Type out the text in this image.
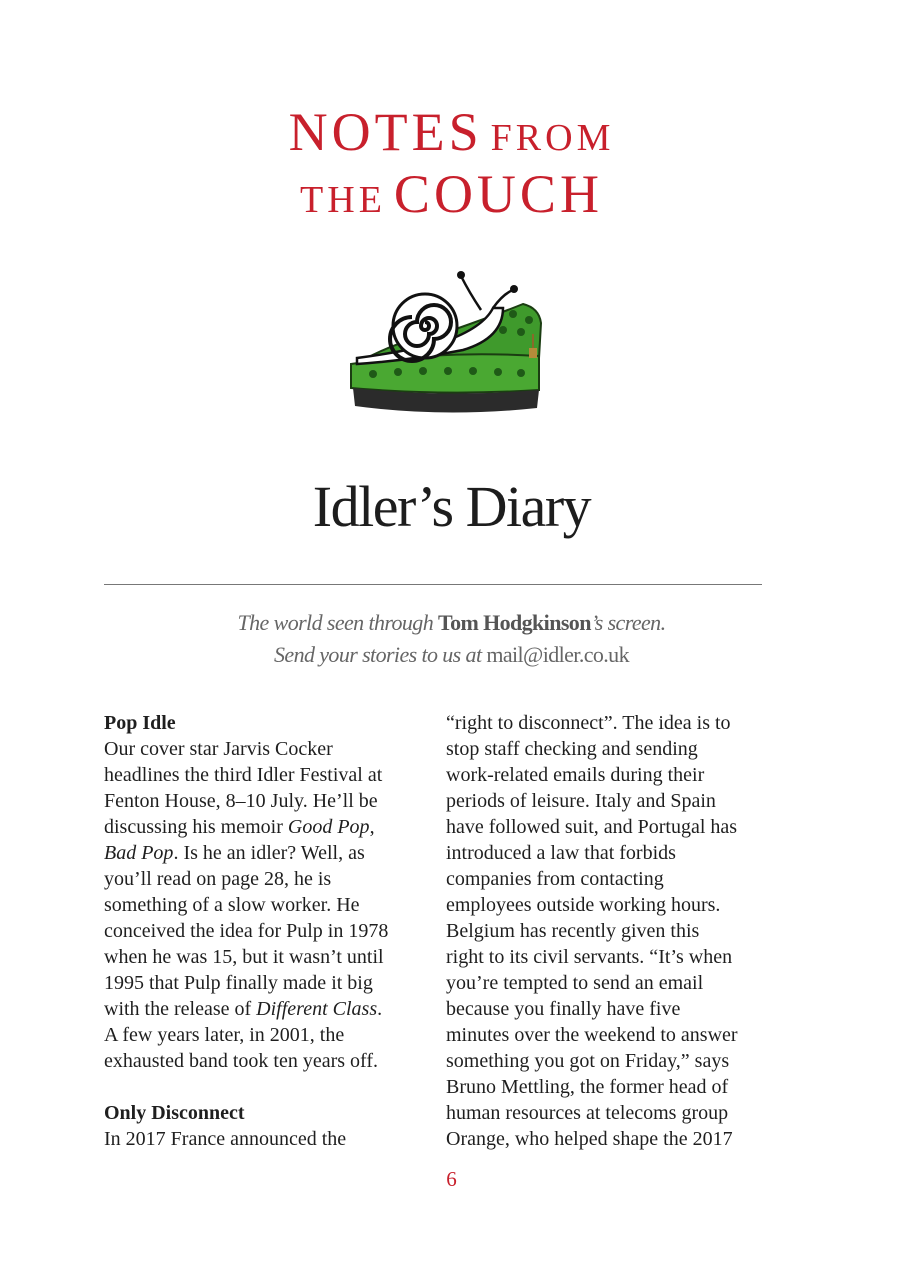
NOTES FROM
THE COUCH
Idler’s Diary
The world seen through Tom Hodgkinson’s screen.
Send your stories to us at mail@idler.co.uk
Pop Idle
Our cover star Jarvis Cocker
headlines the third Idler Festival at
Fenton House, 8–10 July. He’ll be
discussing his memoir Good Pop,
Bad Pop. Is he an idler? Well, as
you’ll read on page 28, he is
something of a slow worker. He
conceived the idea for Pulp in 1978
when he was 15, but it wasn’t until
1995 that Pulp finally made it big
with the release of Different Class.
A few years later, in 2001, the
exhausted band took ten years off.
Only Disconnect
In 2017 France announced the
“right to disconnect”. The idea is to
stop staff checking and sending
work-related emails during their
periods of leisure. Italy and Spain
have followed suit, and Portugal has
introduced a law that forbids
companies from contacting
employees outside working hours.
Belgium has recently given this
right to its civil servants. “It’s when
you’re tempted to send an email
because you finally have five
minutes over the weekend to answer
something you got on Friday,” says
Bruno Mettling, the former head of
human resources at telecoms group
Orange, who helped shape the 2017
6
